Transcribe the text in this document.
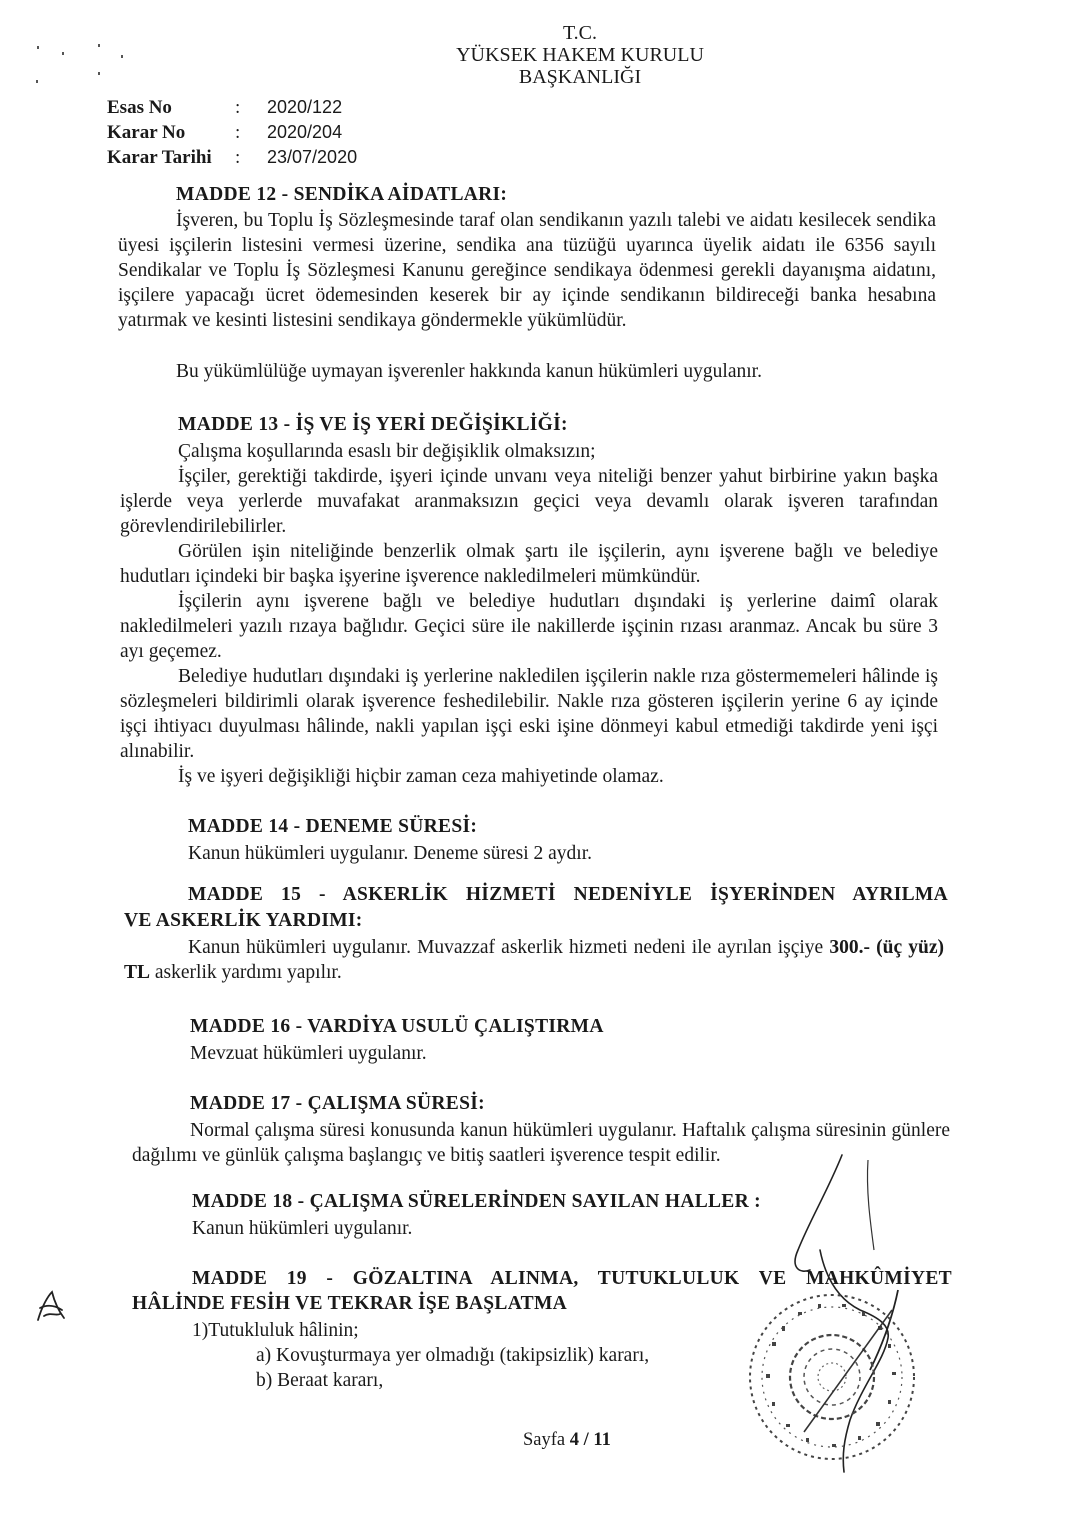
T.C.
YÜKSEK HAKEM KURULU
BAŞKANLIĞI
Esas No	: 2020/122
Karar No	: 2020/204
Karar Tarihi : 23/07/2020
MADDE 12 - SENDİKA AİDATLARI:
İşveren, bu Toplu İş Sözleşmesinde taraf olan sendikanın yazılı talebi ve aidatı kesilecek sendika üyesi işçilerin listesini vermesi üzerine, sendika ana tüzüğü uyarınca üyelik aidatı ile 6356 sayılı Sendikalar ve Toplu İş Sözleşmesi Kanunu gereğince sendikaya ödenmesi gerekli dayanışma aidatını, işçilere yapacağı ücret ödemesinden keserek bir ay içinde sendikanın bildireceği banka hesabına yatırmak ve kesinti listesini sendikaya göndermekle yükümlüdür.
Bu yükümlülüğe uymayan işverenler hakkında kanun hükümleri uygulanır.
MADDE 13 - İŞ VE İŞ YERİ DEĞİŞİKLİĞİ:
Çalışma koşullarında esaslı bir değişiklik olmaksızın;
İşçiler, gerektiği takdirde, işyeri içinde unvanı veya niteliği benzer yahut birbirine yakın başka işlerde veya yerlerde muvafakat aranmaksızın geçici veya devamlı olarak işveren tarafından görevlendirilebilirler.
Görülen işin niteliğinde benzerlik olmak şartı ile işçilerin, aynı işverene bağlı ve belediye hudutları içindeki bir başka işyerine işverence nakledilmeleri mümkündür.
İşçilerin aynı işverene bağlı ve belediye hudutları dışındaki iş yerlerine daimî olarak nakledilmeleri yazılı rızaya bağlıdır. Geçici süre ile nakillerde işçinin rızası aranmaz. Ancak bu süre 3 ayı geçemez.
Belediye hudutları dışındaki iş yerlerine nakledilen işçilerin nakle rıza göstermemeleri hâlinde iş sözleşmeleri bildirimli olarak işverence feshedilebilir. Nakle rıza gösteren işçilerin yerine 6 ay içinde işçi ihtiyacı duyulması hâlinde, nakli yapılan işçi eski işine dönmeyi kabul etmediği takdirde yeni işçi alınabilir.
İş ve işyeri değişikliği hiçbir zaman ceza mahiyetinde olamaz.
MADDE 14 - DENEME SÜRESİ:
Kanun hükümleri uygulanır. Deneme süresi 2 aydır.
MADDE 15 - ASKERLİK HİZMETİ NEDENİYLE İŞYERİNDEN AYRILMA
VE ASKERLİK YARDIMI:
Kanun hükümleri uygulanır. Muvazzaf askerlik hizmeti nedeni ile ayrılan işçiye 300.- (üç yüz) TL askerlik yardımı yapılır.
MADDE 16 - VARDİYA USULÜ ÇALIŞTIRMA
Mevzuat hükümleri uygulanır.
MADDE 17 - ÇALIŞMA SÜRESİ:
Normal çalışma süresi konusunda kanun hükümleri uygulanır. Haftalık çalışma süresinin günlere dağılımı ve günlük çalışma başlangıç ve bitiş saatleri işverence tespit edilir.
MADDE 18 - ÇALIŞMA SÜRELERİNDEN SAYILAN HALLER :
Kanun hükümleri uygulanır.
MADDE 19 - GÖZALTINA ALINMA, TUTUKLULUK VE MAHKÛMİYET
HÂLİNDE FESİH VE TEKRAR İŞE BAŞLATMA
1)Tutukluluk hâlinin;
a) Kovuşturmaya yer olmadığı (takipsizlik) kararı,
b) Beraat kararı,
Sayfa 4 / 11
